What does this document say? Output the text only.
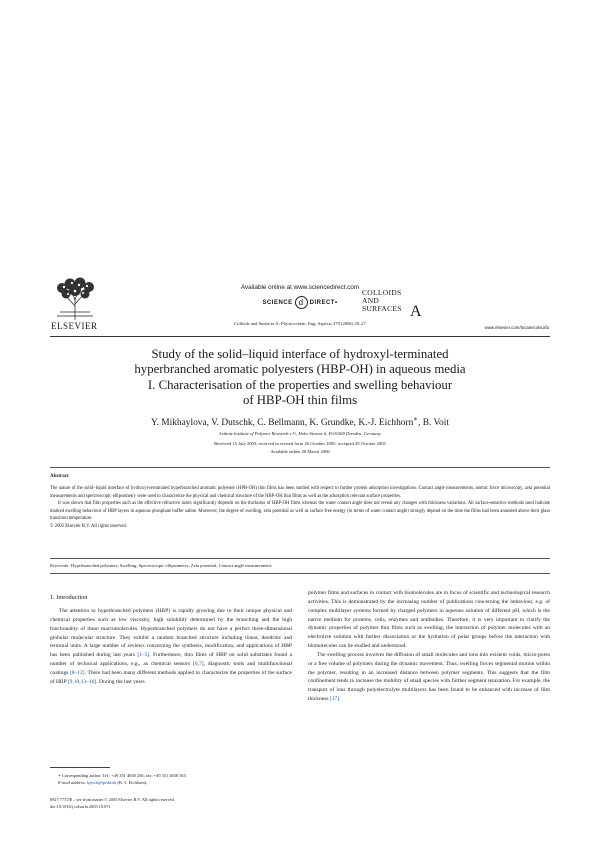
ELSEVIER
Available online at www.sciencedirect.com
SCIENCE d DIRECT•
Colloids and Surfaces A: Physicochem. Eng. Aspects 279 (2006) 20–27
COLLOIDS
AND
SURFACES A
www.elsevier.com/locate/colsurfa
Study of the solid–liquid interface of hydroxyl-terminated
hyperbranched aromatic polyesters (HBP-OH) in aqueous media
I. Characterisation of the properties and swelling behaviour
of HBP-OH thin films
Y. Mikhaylova, V. Dutschk, C. Bellmann, K. Grundke, K.-J. Eichhorn∗, B. Voit
Leibniz Institute of Polymer Research e.V., Hohe Strasse 6, D-01069 Dresden, Germany
Received 15 July 2005; received in revised form 26 October 2005; accepted 29 October 2005
Available online 20 March 2006
Abstract

The nature of the solid–liquid interface of hydroxyl-terminated hyperbranched aromatic polyester (HPB-OH) thin films has been studied with respect to further protein adsorption investigations. Contact angle measurements, atomic force microscopy, zeta potential measurements and spectroscopic ellipsometry were used to characterize the physical and chemical structure of the HBP-OH thin films as well as the adsorption relevant surface properties.

It was shown that film properties such as the effective refractive index significantly depends on the thickness of HBP-OH films whereas the water contact angle does not reveal any changes with thickness variations. All surface-sensitive methods used indicate marked swelling behaviour of HBP layers in aqueous phosphate buffer saline. Moreover, the degree of swelling, zeta potential as well as surface free energy (in terms of water contact angle) strongly depend on the time the films had been annealed above their glass transition temperature.

© 2005 Elsevier B.V. All rights reserved.

Keywords: Hyperbranched polymers; Swelling; Spectroscopic ellipsometry; Zeta potential; Contact angle measurements
1. Introduction

The attention to hyperbranched polymers (HBP) is rapidly growing due to their unique physical and chemical properties such as low viscosity, high solubility determined by the branching and the high functionality of these macromolecules. Hyperbranched polymers do not have a perfect three-dimensional globular molecular structure. They exhibit a random branched structure including linear, dendritic and terminal units. A large number of reviews concerning the synthesis, modification, and applications of HBP has been published during last years [1–5]. Furthermore, thin films of HBP on solid substrates found a number of technical applications, e.g., as chemical sensors [6,7], diagnostic tools and multifunctional coatings [8–12]. There had been many different methods applied to characterize the properties of the surface of HBP [9,10,13–16]. During the last years

polymer films and surfaces in contact with biomolecules are in focus of scientific and technological research activities. This is demonstrated by the increasing number of publications concerning the behaviour, e.g. of complex multilayer systems formed by charged polymers in aqueous solution of different pH, which is the native medium for proteins, cells, enzymes and antibodies. Therefore, it is very important to clarify the dynamic properties of polymer thin films such as swelling, the interaction of polymer molecules with an electrolyte solution with further dissociation or the hydration of polar groups before the interaction with biomolecules can be studied and understood.

The swelling process involves the diffusion of small molecules and ions into existent voids, micro-pores or a free volume of polymers during the dynamic movement. Thus, swelling forces segmental motion within the polymer, resulting in an increased distance between polymer segments. This suggests that the film confinement tends to increase the mobility of small species with further segment relaxation. For example, the transport of ions through polyelectrolyte multilayers has been found to be enhanced with increase of film thickness [17].

∗ Corresponding author. Tel.: +49 351 4658 256; fax: +49 351 4658 565.

E-mail address: kjeich@ipfdd.de (K.-J. Eichhorn).

0927-7757/$ – see front matter © 2005 Elsevier B.V. All rights reserved.
doi:10.1016/j.colsurfa.2005.10.071
